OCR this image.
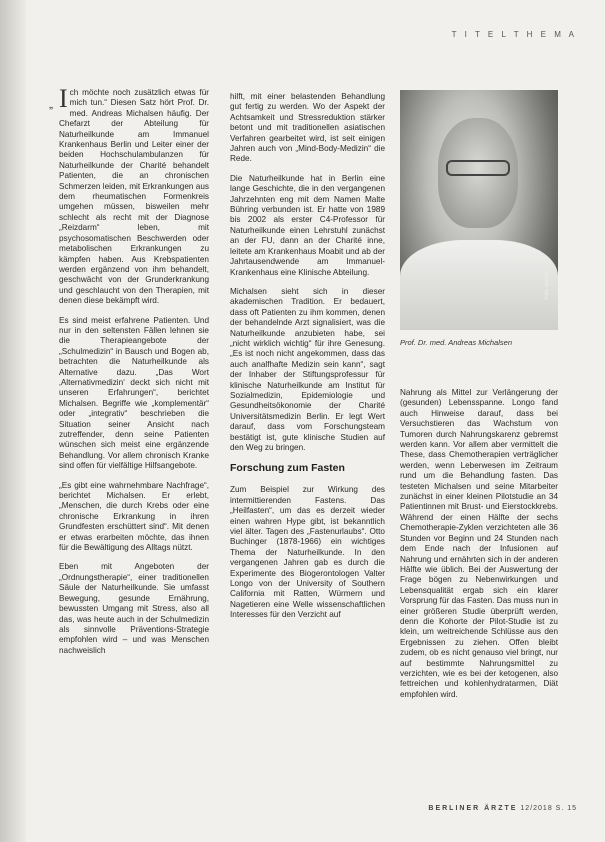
T I T E L T H E M A
„ Ich möchte noch zusätzlich etwas für mich tun.“ Diesen Satz hört Prof. Dr. med. Andreas Michalsen häufig. Der Chefarzt der Abteilung für Naturheilkunde am Immanuel Krankenhaus Berlin und Leiter einer der beiden Hochschulambulanzen für Naturheilkunde der Charité behandelt Patienten, die an chronischen Schmerzen leiden, mit Erkrankungen aus dem rheumatischen Formenkreis umgehen müssen, bisweilen mehr schlecht als recht mit der Diagnose „Reizdarm“ leben, mit psychosomatischen Beschwerden oder metabolischen Erkrankungen zu kämpfen haben. Aus Krebspatienten werden ergänzend von ihm behandelt, geschwächt von der Grunderkrankung und geschlaucht von den Therapien, mit denen diese bekämpft wird.

Es sind meist erfahrene Patienten. Und nur in den seltensten Fällen lehnen sie die Therapieangebote der „Schulmedizin“ in Bausch und Bogen ab, betrachten die Naturheilkunde als Alternative dazu. „Das Wort ‚Alternativmedizin‘ deckt sich nicht mit unseren Erfahrungen“, berichtet Michalsen. Begriffe wie „komplementär“ oder „integrativ“ beschrieben die Situation seiner Ansicht nach zutreffender, denn seine Patienten wünschen sich meist eine ergänzende Behandlung. Vor allem chronisch Kranke sind offen für vielfältige Hilfsangebote.

„Es gibt eine wahrnehmbare Nachfrage“, berichtet Michalsen. Er erlebt, „Menschen, die durch Krebs oder eine chronische Erkrankung in ihren Grundfesten erschüttert sind“. Mit denen er etwas erarbeiten möchte, das ihnen für die Bewältigung des Alltags nützt.

Eben mit Angeboten der „Ordnungstherapie“, einer traditionellen Säule der Naturheilkunde. Sie umfasst Bewegung, gesunde Ernährung, bewussten Umgang mit Stress, also all das, was heute auch in der Schulmedizin als sinnvolle Präventions-Strategie empfohlen wird – und was Menschen nachweislich

hilft, mit einer belastenden Behandlung gut fertig zu werden. Wo der Aspekt der Achtsamkeit und Stressreduktion stärker betont und mit traditionellen asiatischen Verfahren gearbeitet wird, ist seit einigen Jahren auch von „Mind-Body-Medizin“ die Rede.

Die Naturheilkunde hat in Berlin eine lange Geschichte, die in den vergangenen Jahrzehnten eng mit dem Namen Malte Bühring verbunden ist. Er hatte von 1989 bis 2002 als erster C4-Professor für Naturheilkunde einen Lehrstuhl zunächst an der FU, dann an der Charité inne, leitete am Krankenhaus Moabit und ab der Jahrtausendwende am Immanuel-Krankenhaus eine Klinische Abteilung.

Michalsen sieht sich in dieser akademischen Tradition. Er bedauert, dass oft Patienten zu ihm kommen, denen der behandelnde Arzt signalisiert, was die Naturheilkunde anzubieten habe, sei „nicht wirklich wichtig“ für ihre Genesung. „Es ist noch nicht angekommen, dass das auch analfhafte Medizin sein kann“, sagt der Inhaber der Stiftungsprofessur für klinische Naturheilkunde am Institut für Sozialmedizin, Epidemiologie und Gesundheitsökonomie der Charité Universitätsmedizin Berlin. Er legt Wert darauf, dass vom Forschungsteam bestätigt ist, gute klinische Studien auf den Weg zu bringen.

Forschung zum Fasten

Zum Beispiel zur Wirkung des intermittierenden Fastens. Das „Heilfasten“, um das es derzeit wieder einen wahren Hype gibt, ist bekanntlich viel älter. Tagen des „Fastenurlaubs“. Otto Buchinger (1878-1966) ein wichtiges Thema der Naturheilkunde. In den vergangenen Jahren gab es durch die Experimente des Biogerontologen Valter Longo von der University of Southern California mit Ratten, Würmern und Nagetieren eine Welle wissenschaftlichen Interesses für den Verzicht auf

Foto: xxxxxx
Prof. Dr. med. Andreas Michalsen

Nahrung als Mittel zur Verlängerung der (gesunden) Lebensspanne. Longo fand auch Hinweise darauf, dass bei Versuchstieren das Wachstum von Tumoren durch Nahrungskarenz gebremst werden kann. Vor allem aber vermittelt die These, dass Chemotherapien verträglicher werden, wenn Leberwesen im Zeitraum rund um die Behandlung fasten. Das testeten Michalsen und seine Mitarbeiter zunächst in einer kleinen Pilotstudie an 34 Patientinnen mit Brust- und Eierstockkrebs. Während der einen Hälfte der sechs Chemotherapie-Zyklen verzichteten alle 36 Stunden vor Beginn und 24 Stunden nach dem Ende nach der Infusionen auf Nahrung und ernährten sich in der anderen Hälfte wie üblich. Bei der Auswertung der Frage bögen zu Nebenwirkungen und Lebensqualität ergab sich ein klarer Vorsprung für das Fasten. Das muss nun in einer größeren Studie überprüft werden, denn die Kohorte der Pilot-Studie ist zu klein, um weitreichende Schlüsse aus den Ergebnissen zu ziehen. Offen bleibt zudem, ob es nicht genauso viel bringt, nur auf bestimmte Nahrungsmittel zu verzichten, wie es bei der ketogenen, also fettreichen und kohlenhydratarmen, Diät empfohlen wird.

BERLINER ÄRZTE 12/2018 S. 15
